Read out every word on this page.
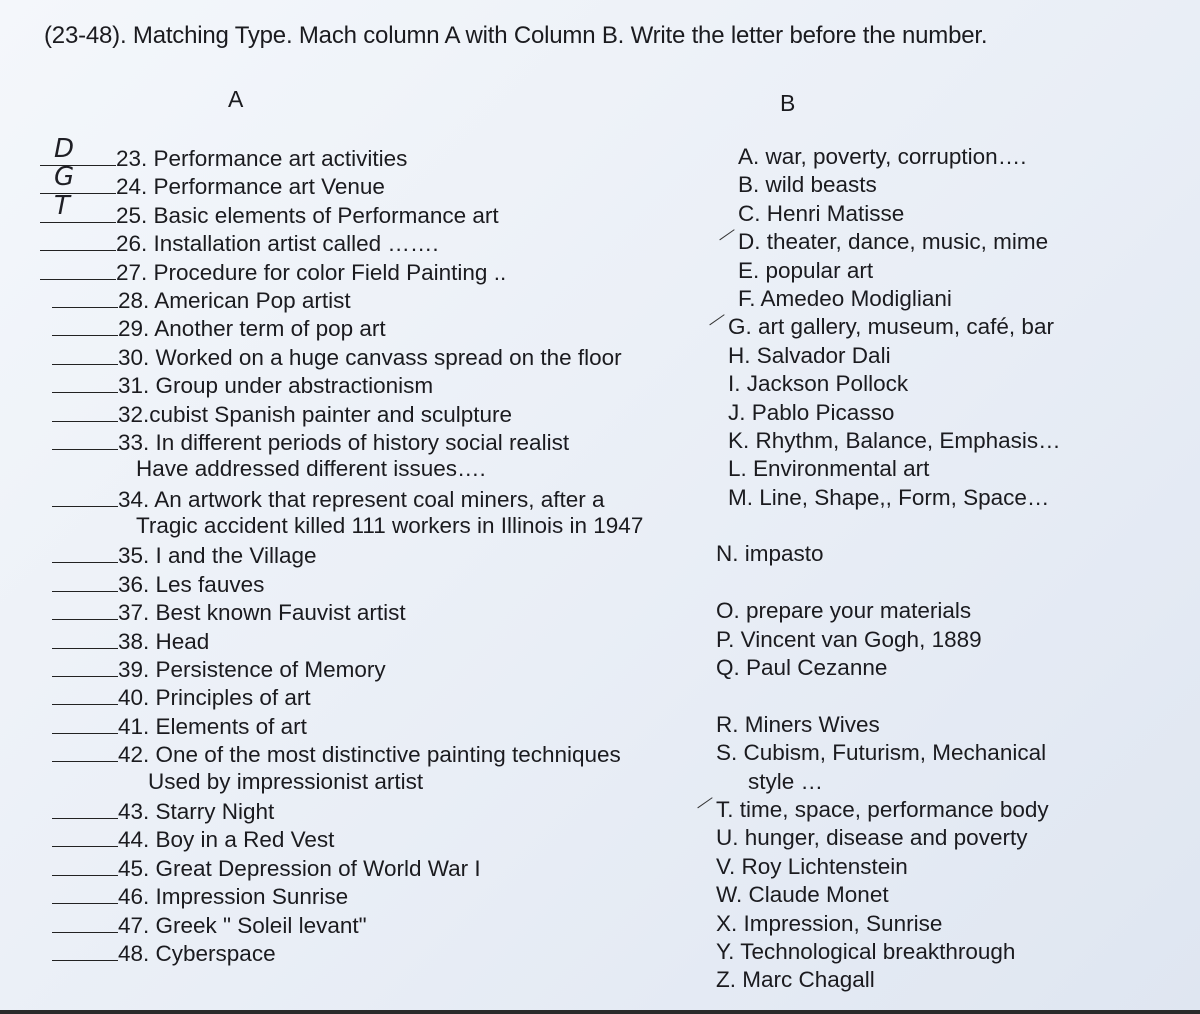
(23-48). Matching Type. Mach column A with Column B. Write the letter before the number.
A	B
D 23. Performance art activities
G 24. Performance art Venue
T 25. Basic elements of Performance art
26. Installation artist called …….
27. Procedure for color Field Painting ..
28. American Pop artist
29. Another term of pop art
30. Worked on a huge canvass spread on the floor
31. Group under abstractionism
32.cubist Spanish painter and sculpture
33. In different periods of history social realist
Have addressed different issues….
34. An artwork that represent coal miners, after a
Tragic accident killed 111 workers in Illinois in 1947
35. I and the Village
36. Les fauves
37. Best known Fauvist artist
38. Head
39. Persistence of Memory
40. Principles of art
41. Elements of art
42. One of the most distinctive painting techniques
Used by impressionist artist
43. Starry Night
44. Boy in a Red Vest
45. Great Depression of World War I
46. Impression Sunrise
47. Greek " Soleil levant"
48. Cyberspace
A. war, poverty, corruption….
B. wild beasts
C. Henri Matisse
D. theater, dance, music, mime
E. popular art
F. Amedeo Modigliani
G. art gallery, museum, café, bar
H. Salvador Dali
I. Jackson Pollock
J. Pablo Picasso
K. Rhythm, Balance, Emphasis…
L. Environmental art
M. Line, Shape,, Form, Space…
N. impasto
O. prepare your materials
P. Vincent van Gogh, 1889
Q. Paul Cezanne
R. Miners Wives
S. Cubism, Futurism, Mechanical
style …
T. time, space, performance body
U. hunger, disease and poverty
V. Roy Lichtenstein
W. Claude Monet
X. Impression, Sunrise
Y. Technological breakthrough
Z. Marc Chagall
